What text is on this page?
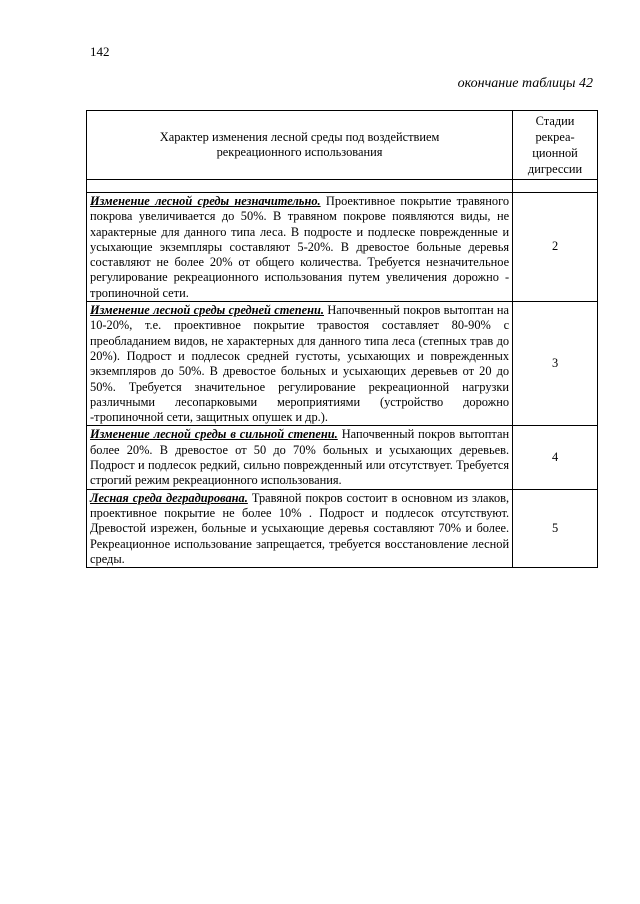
142
окончание таблицы 42
Характер изменения лесной среды под воздействием рекреационного использования	Стадии рекреа-ционной дигрессии

Изменение лесной среды незначительно. Проективное покрытие травяного покрова увеличивается до 50%. В травяном покрове появляются виды, не характерные для данного типа леса. В подросте и подлеске поврежденные и усыхающие экземпляры составляют 5-20%. В древостое больные деревья составляют не более 20% от общего количества. Требуется незначительное регулирование рекреационного использования путем увеличения дорожно - тропиночной сети.	2
Изменение лесной среды средней степени. Напочвенный покров вытоптан на 10-20%, т.е. проективное покрытие травостоя составляет 80-90% с преобладанием видов, не характерных для данного типа леса (степных трав до 20%). Подрост и подлесок средней густоты, усыхающих и поврежденных экземпляров до 50%. В древостое больных и усыхающих деревьев от 20 до 50%. Требуется значительное регулирование рекреационной нагрузки различными лесопарковыми мероприятиями (устройство дорожно -тропиночной сети, защитных опушек и др.).	3
Изменение лесной среды в сильной степени. Напочвенный покров вытоптан более 20%. В древостое от 50 до 70% больных и усыхающих деревьев. Подрост и подлесок редкий, сильно поврежденный или отсутствует. Требуется строгий режим рекреационного использования.	4
Лесная среда деградирована. Травяной покров состоит в основном из злаков, проективное покрытие не более 10% . Подрост и подлесок отсутствуют. Древостой изрежен, больные и усыхающие деревья составляют 70% и более. Рекреационное использование запрещается, требуется восстановление лесной среды.	5
